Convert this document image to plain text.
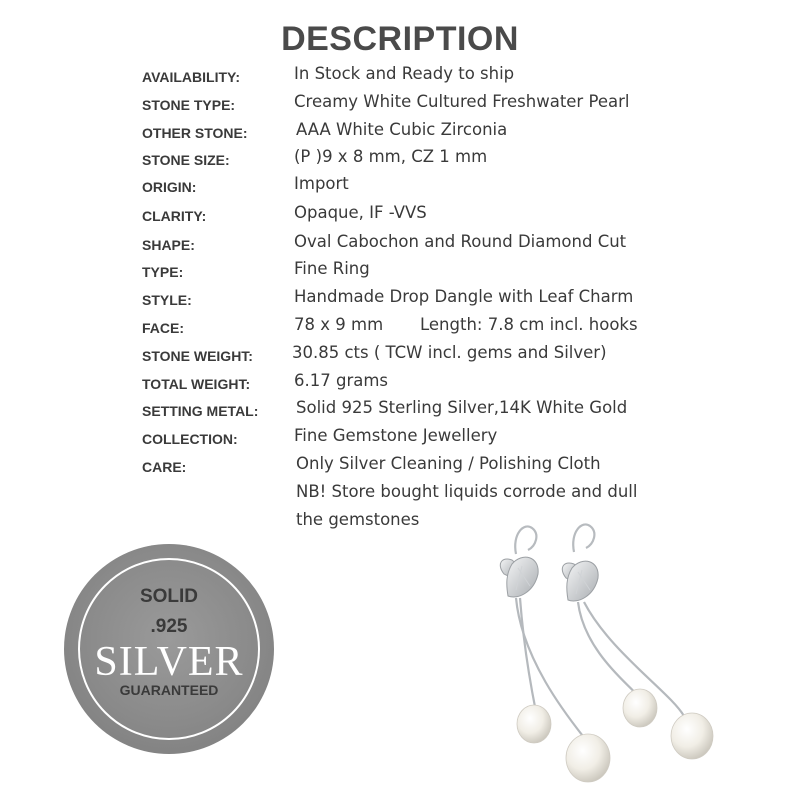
DESCRIPTION
AVAILABILITY:	In Stock and Ready to ship
STONE TYPE:	Creamy White Cultured Freshwater Pearl
OTHER STONE:	AAA White Cubic Zirconia
STONE SIZE:	(P )9 x 8 mm, CZ 1 mm
ORIGIN:	Import
CLARITY:	Opaque, IF -VVS
SHAPE:	Oval Cabochon and Round Diamond Cut
TYPE:	Fine Ring
STYLE:	Handmade Drop Dangle with Leaf Charm
FACE:	78 x 9 mm Length: 7.8 cm incl. hooks
STONE WEIGHT: 30.85 cts ( TCW incl. gems and Silver)
TOTAL WEIGHT:	6.17 grams
SETTING METAL: Solid 925 Sterling Silver,14K White Gold
COLLECTION:	Fine Gemstone Jewellery
CARE:	Only Silver Cleaning / Polishing Cloth
NB! Store bought liquids corrode and dull
the gemstones
SOLID
.925
SILVER
GUARANTEED
